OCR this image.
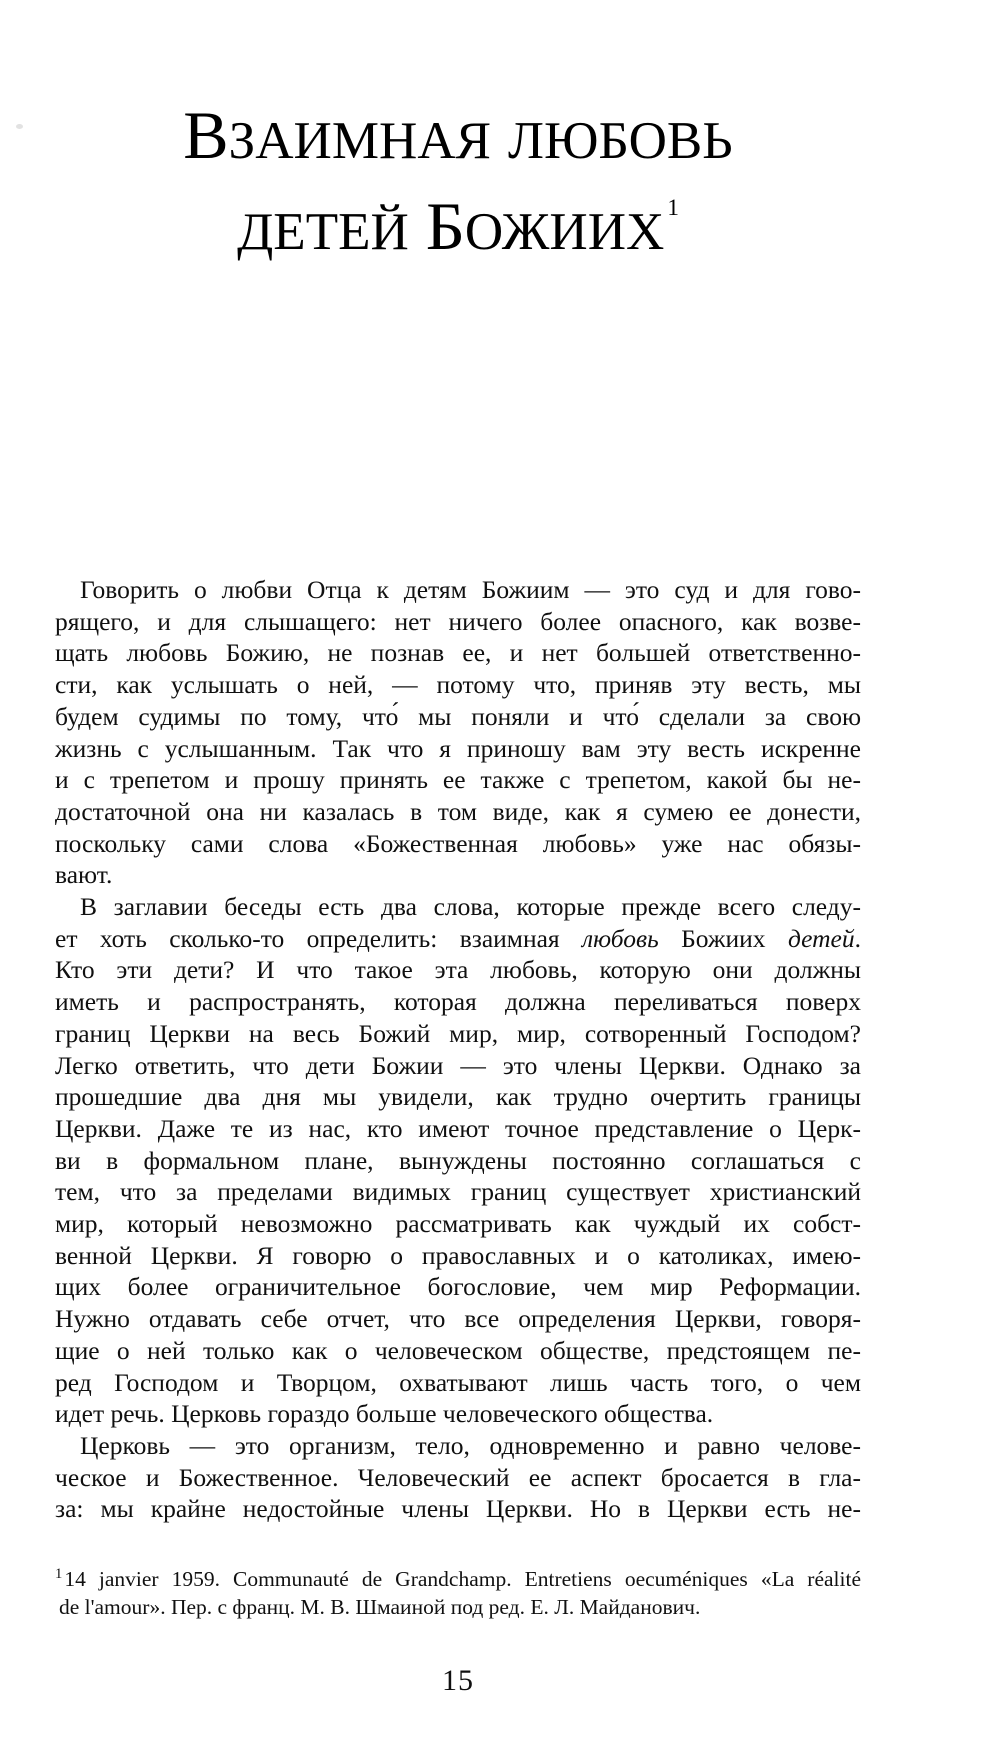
ВЗАИМНАЯ ЛЮБОВЬ
ДЕТЕЙ БОЖИИХ $^1$
Говорить о любви Отца к детям Божиим — это суд и для гово-
рящего, и для слышащего: нет ничего более опасного, как возве-
щать любовь Божию, не познав ее, и нет большей ответственно-
сти, как услышать о ней, — потому что, приняв эту весть, мы
будем судимы по тому, что́ мы поняли и что́ сделали за свою
жизнь с услышанным. Так что я приношу вам эту весть искренне
и с трепетом и прошу принять ее также с трепетом, какой бы не-
достаточной она ни казалась в том виде, как я сумею ее донести,
поскольку сами слова «Божественная любовь» уже нас обязы-
вают.
В заглавии беседы есть два слова, которые прежде всего следу-
ет хоть сколько-то определить: взаимная любовь Божиих детей.
Кто эти дети? И что такое эта любовь, которую они должны
иметь и распространять, которая должна переливаться поверх
границ Церкви на весь Божий мир, мир, сотворенный Господом?
Легко ответить, что дети Божии — это члены Церкви. Однако за
прошедшие два дня мы увидели, как трудно очертить границы
Церкви. Даже те из нас, кто имеют точное представление о Церк-
ви в формальном плане, вынуждены постоянно соглашаться с
тем, что за пределами видимых границ существует христианский
мир, который невозможно рассматривать как чуждый их собст-
венной Церкви. Я говорю о православных и о католиках, имею-
щих более ограничительное богословие, чем мир Реформации.
Нужно отдавать себе отчет, что все определения Церкви, говоря-
щие о ней только как о человеческом обществе, предстоящем пе-
ред Господом и Творцом, охватывают лишь часть того, о чем
идет речь. Церковь гораздо больше человеческого общества.
Церковь — это организм, тело, одновременно и равно челове-
ческое и Божественное. Человеческий ее аспект бросается в гла-
за: мы крайне недостойные члены Церкви. Но в Церкви есть не-
$^1$14 janvier 1959. Communauté de Grandchamp. Entretiens oecuméniques «La réalité
de l'amour». Пер. с франц. М. В. Шмаиной под ред. Е. Л. Майданович.
15
